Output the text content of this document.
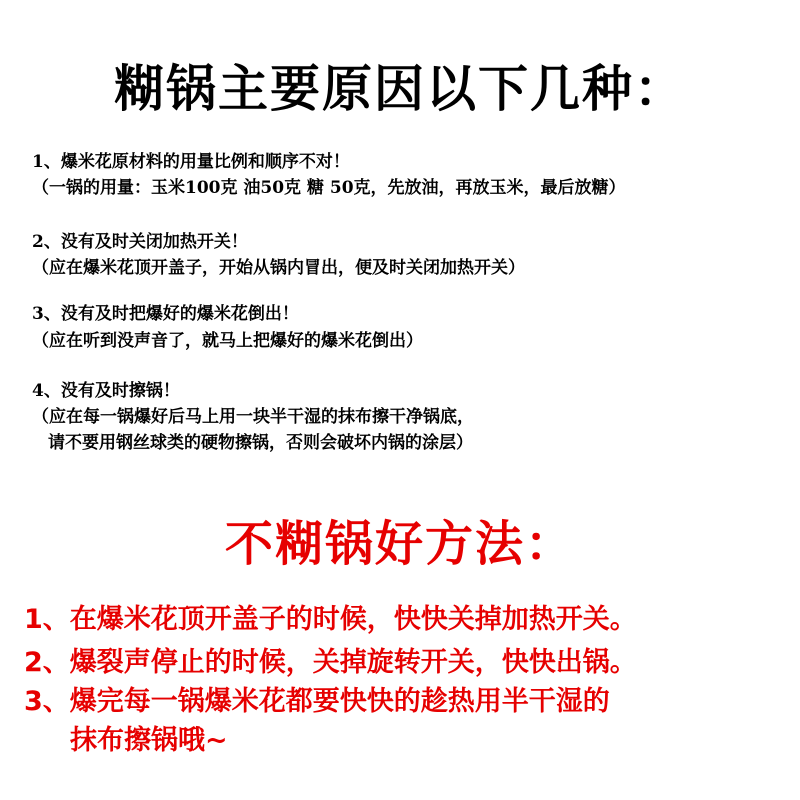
糊锅主要原因以下几种：
1、爆米花原材料的用量比例和顺序不对！
（一锅的用量：玉米100克 油50克 糖 50克，先放油，再放玉米，最后放糖）
2、没有及时关闭加热开关！
（应在爆米花顶开盖子，开始从锅内冒出，便及时关闭加热开关）
3、没有及时把爆好的爆米花倒出！
（应在听到没声音了，就马上把爆好的爆米花倒出）
4、没有及时擦锅！
（应在每一锅爆好后马上用一块半干湿的抹布擦干净锅底，
请不要用钢丝球类的硬物擦锅，否则会破坏内锅的涂层）
不糊锅好方法：
1、在爆米花顶开盖子的时候，快快关掉加热开关。
2、爆裂声停止的时候，关掉旋转开关，快快出锅。
3、爆完每一锅爆米花都要快快的趁热用半干湿的
抹布擦锅哦~
